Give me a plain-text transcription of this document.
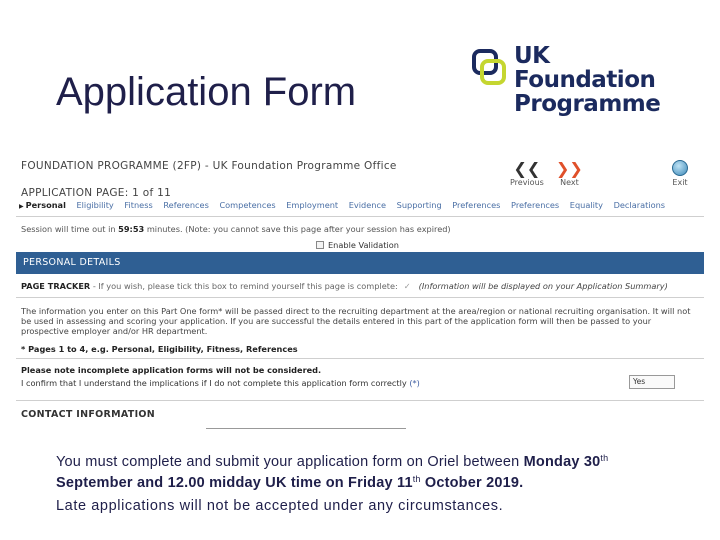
Application Form
UK
Foundation
Programme
FOUNDATION PROGRAMME (2FP) - UK Foundation Programme Office	❮❮
Previous
❯❯
Next	Exit
APPLICATION PAGE: 1 of 11
▶ Personal Eligibility Fitness References Competences Employment Evidence Supporting Preferences Preferences Equality Declarations
Session will time out in 59:53 minutes. (Note: you cannot save this page after your session has expired)
Enable Validation
PERSONAL DETAILS
PAGE TRACKER - If you wish, please tick this box to remind yourself this page is complete: ✓ (Information will be displayed on your Application Summary)
The information you enter on this Part One form* will be passed direct to the recruiting department at the area/region or national recruiting organisation. It will not be used in assessing and scoring your application. If you are successful the details entered in this part of the application form will then be passed to your prospective employer and/or HR department.
* Pages 1 to 4, e.g. Personal, Eligibility, Fitness, References
Please note incomplete application forms will not be considered.
I confirm that I understand the implications if I do not complete this application form correctly (*)	Yes
CONTACT INFORMATION
You must complete and submit your application form on Oriel between Monday 30th September and 12.00 midday UK time on Friday 11th October 2019.
Late applications will not be accepted under any circumstances.
